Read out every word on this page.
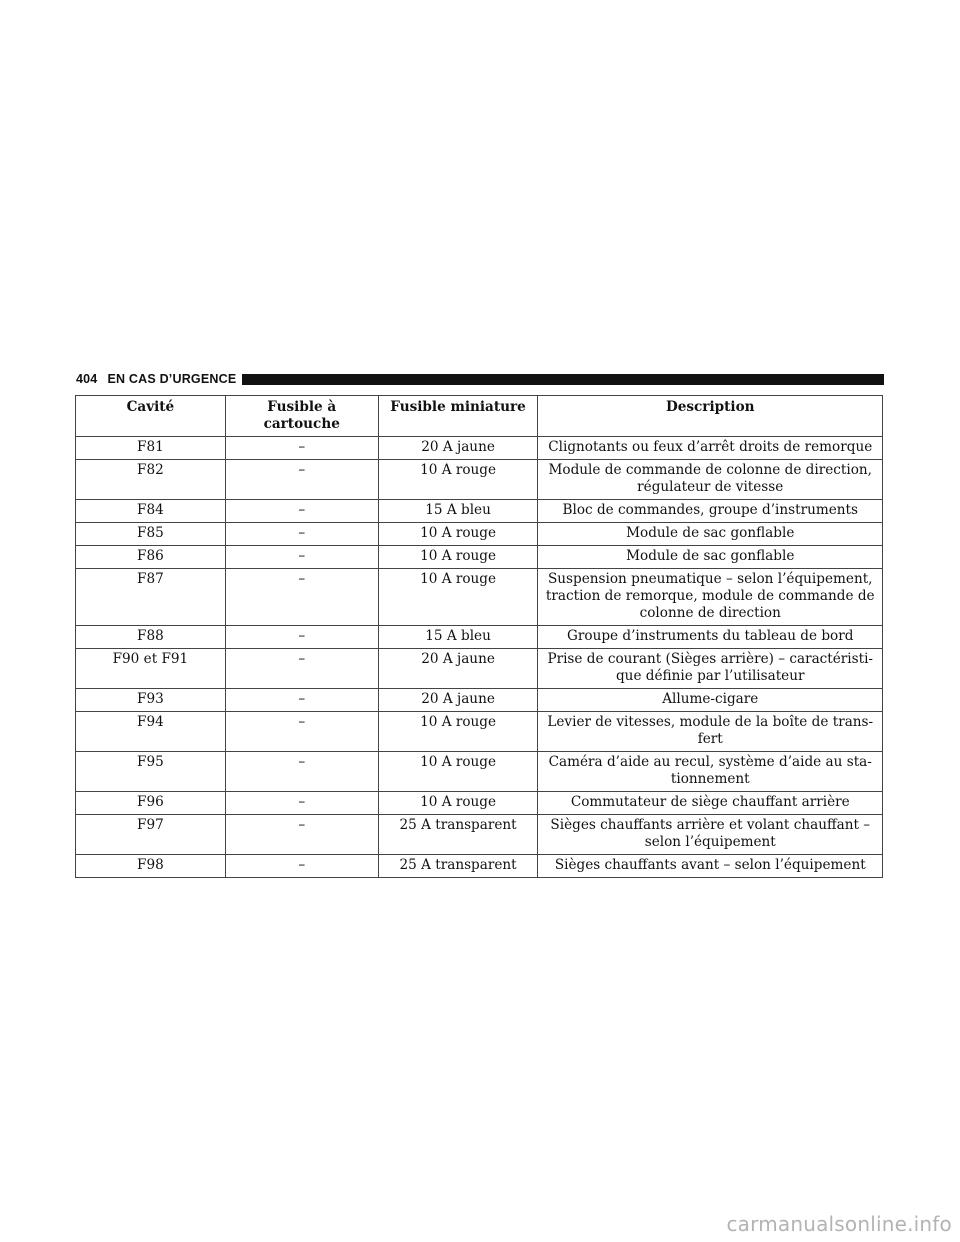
404 EN CAS D’URGENCE
Cavité	Fusible à cartouche	Fusible miniature	Description
F81	–	20 A jaune	Clignotants ou feux d’arrêt droits de remorque
F82	–	10 A rouge	Module de commande de colonne de direction, régulateur de vitesse
F84	–	15 A bleu	Bloc de commandes, groupe d’instruments
F85	–	10 A rouge	Module de sac gonflable
F86	–	10 A rouge	Module de sac gonflable
F87	–	10 A rouge	Suspension pneumatique – selon l’équipement, traction de remorque, module de commande de colonne de direction
F88	–	15 A bleu	Groupe d’instruments du tableau de bord
F90 et F91	–	20 A jaune	Prise de courant (Sièges arrière) – caractéristi-que définie par l’utilisateur
F93	–	20 A jaune	Allume-cigare
F94	–	10 A rouge	Levier de vitesses, module de la boîte de trans-fert
F95	–	10 A rouge	Caméra d’aide au recul, système d’aide au sta-tionnement
F96	–	10 A rouge	Commutateur de siège chauffant arrière
F97	–	25 A transparent	Sièges chauffants arrière et volant chauffant – selon l’équipement
F98	–	25 A transparent	Sièges chauffants avant – selon l’équipement
carmanualsonline.info
